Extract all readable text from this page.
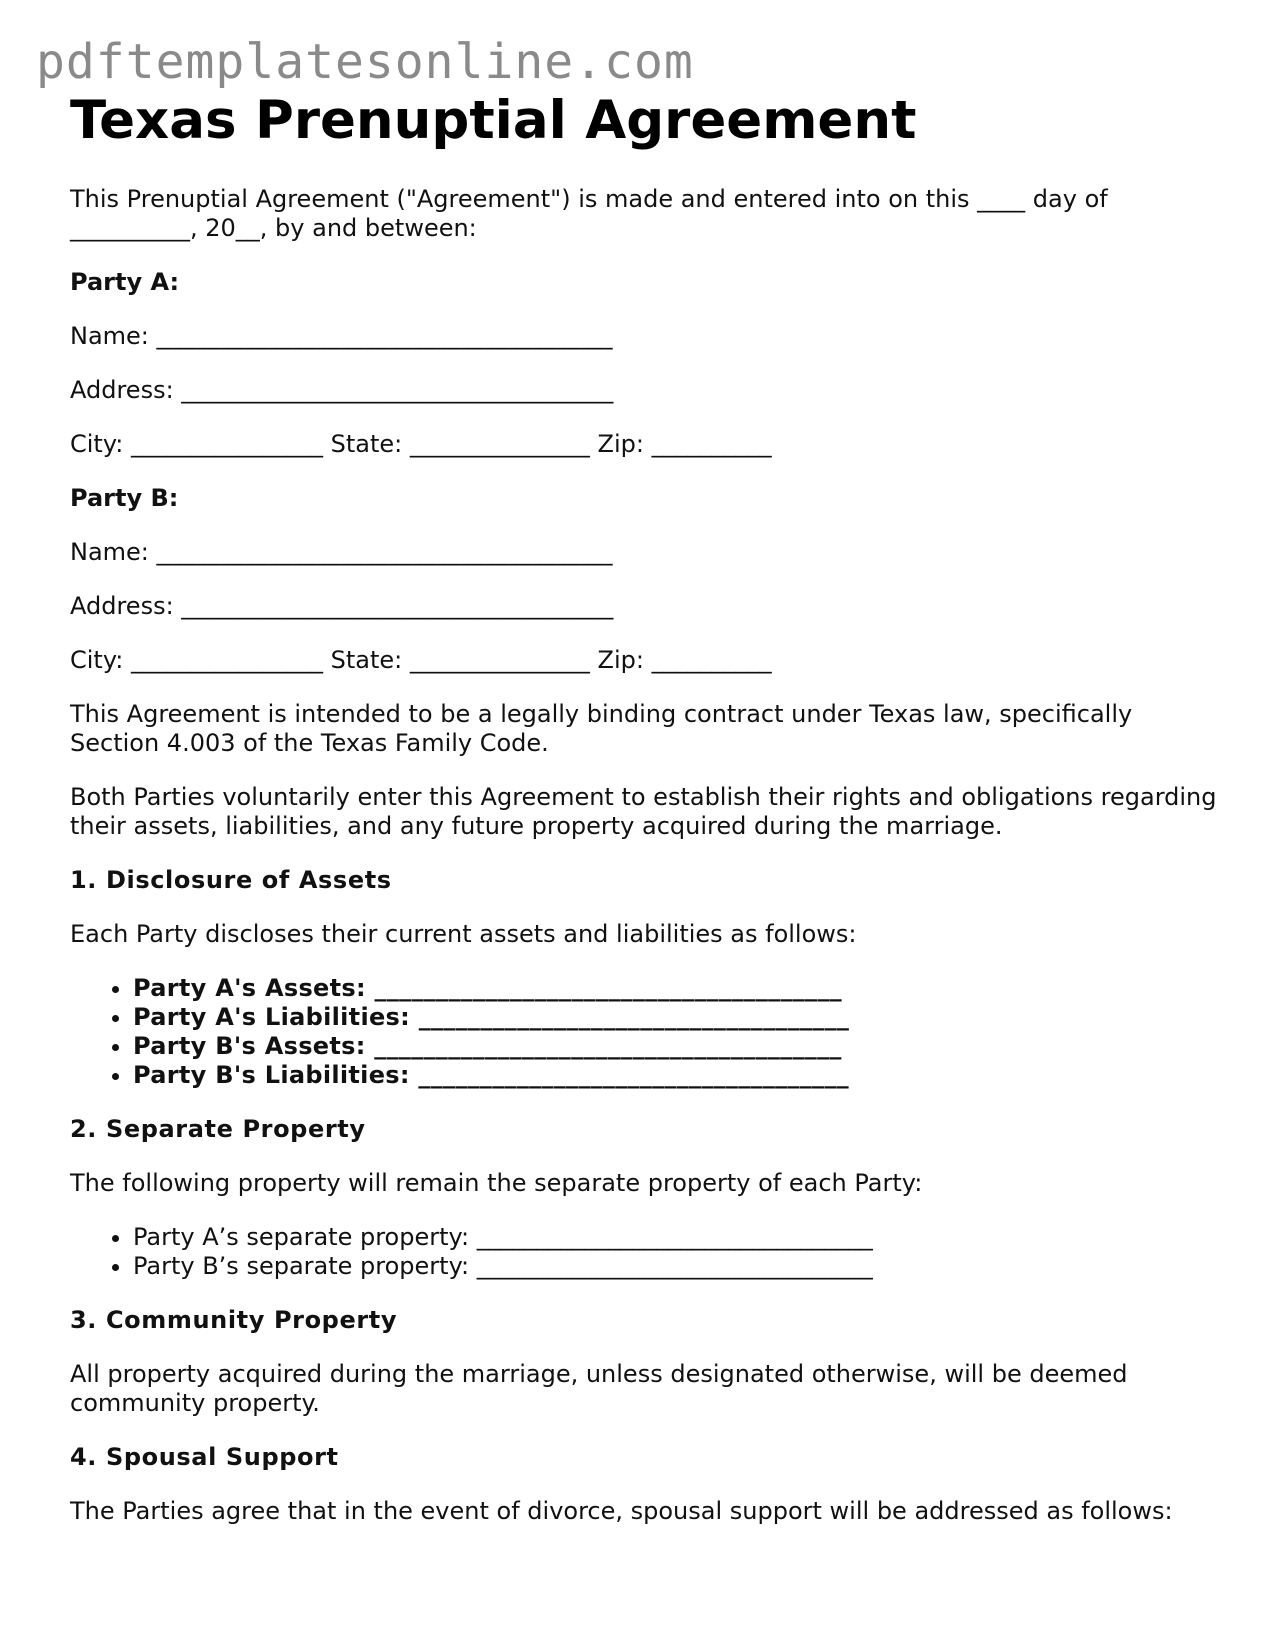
pdftemplatesonline.com
Texas Prenuptial Agreement

This Prenuptial Agreement ("Agreement") is made and entered into on this ____ day of __________, 20__, by and between:

Party A:

Name: ______________________________________

Address: ____________________________________

City: ________________ State: _______________ Zip: __________

Party B:

Name: ______________________________________

Address: ____________________________________

City: ________________ State: _______________ Zip: __________

This Agreement is intended to be a legally binding contract under Texas law, specifically Section 4.003 of the Texas Family Code.

Both Parties voluntarily enter this Agreement to establish their rights and obligations regarding their assets, liabilities, and any future property acquired during the marriage.

1. Disclosure of Assets

Each Party discloses their current assets and liabilities as follows:

• Party A's Assets: ______________________________________
• Party A's Liabilities: ___________________________________
• Party B's Assets: ______________________________________
• Party B's Liabilities: ___________________________________
2. Separate Property

The following property will remain the separate property of each Party:

• Party A’s separate property: _________________________________
• Party B’s separate property: _________________________________
3. Community Property

All property acquired during the marriage, unless designated otherwise, will be deemed community property.

4. Spousal Support

The Parties agree that in the event of divorce, spousal support will be addressed as follows:
